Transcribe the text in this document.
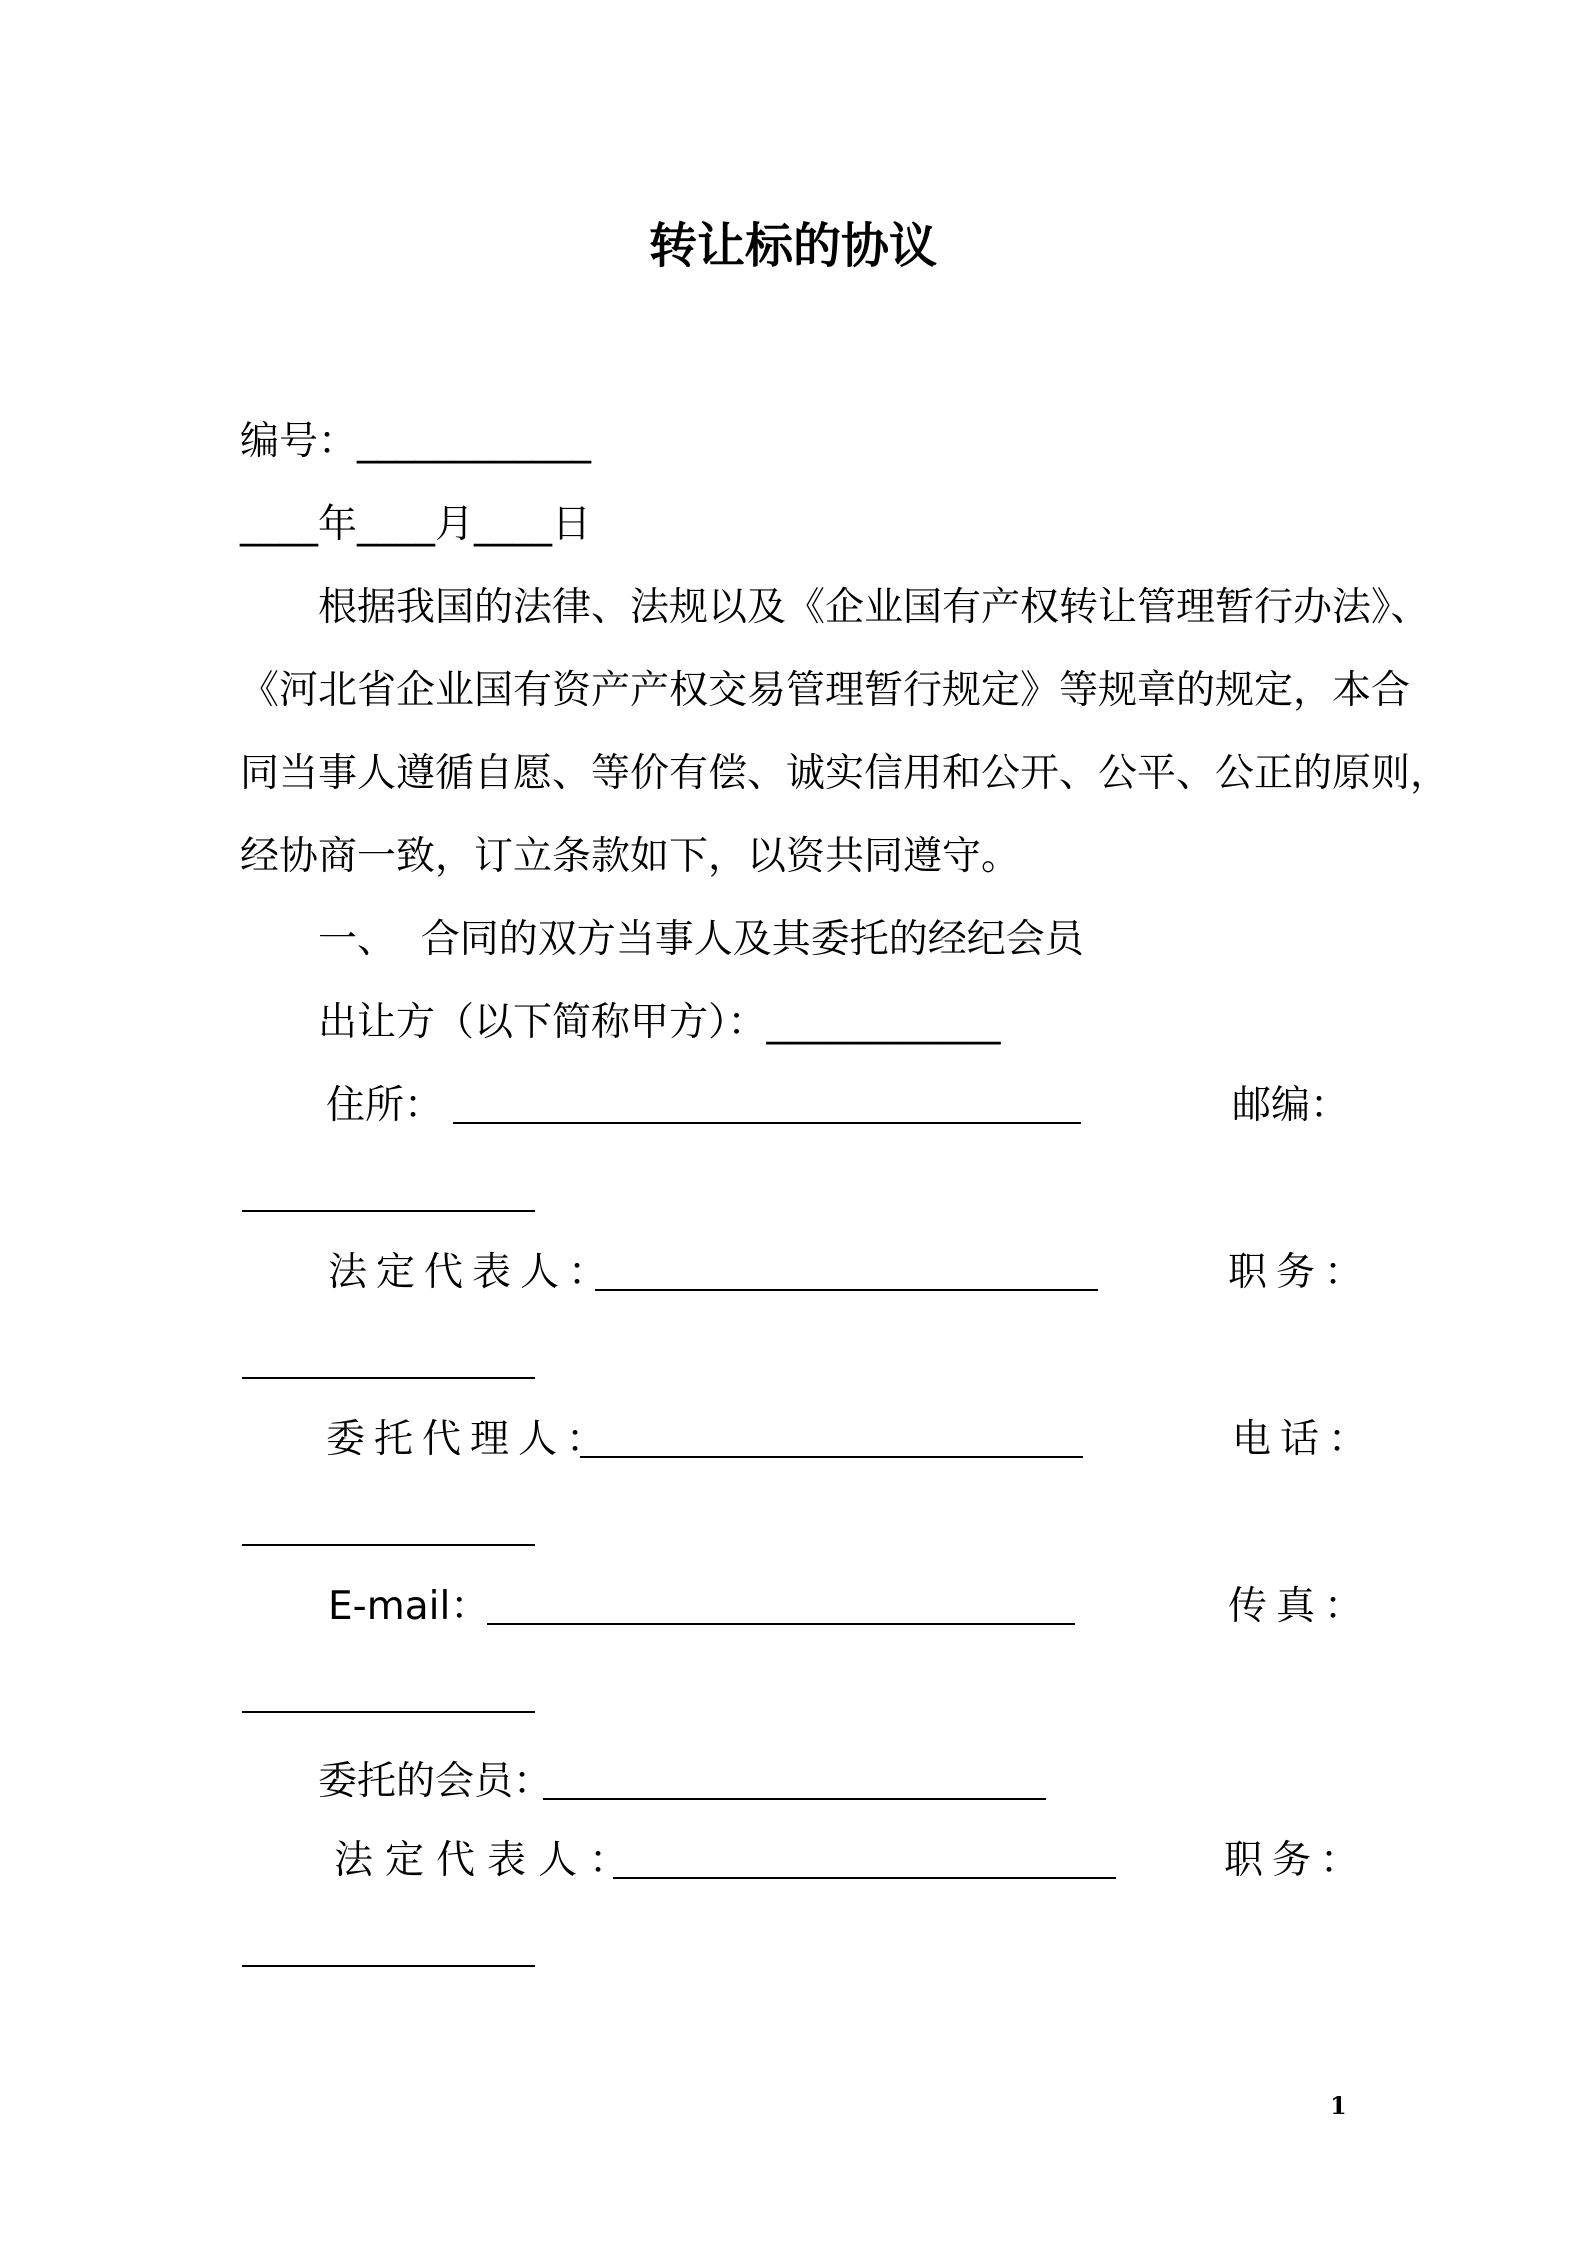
转让标的协议
编号：____________
____年____月____日
根据我国的法律、法规以及《企业国有产权转让管理暂行办法》、
《河北省企业国有资产产权交易管理暂行规定》等规章的规定，本合
同当事人遵循自愿、等价有偿、诚实信用和公开、公平、公正的原则，
经协商一致，订立条款如下，以资共同遵守。
一、  合同的双方当事人及其委托的经纪会员
出让方（以下简称甲方）：____________
住所：	邮编：
法定代表人：	职务：
委托代理人：	电话：
E-mail：	传真：
委托的会员：
法定代表人：	职务：
1
